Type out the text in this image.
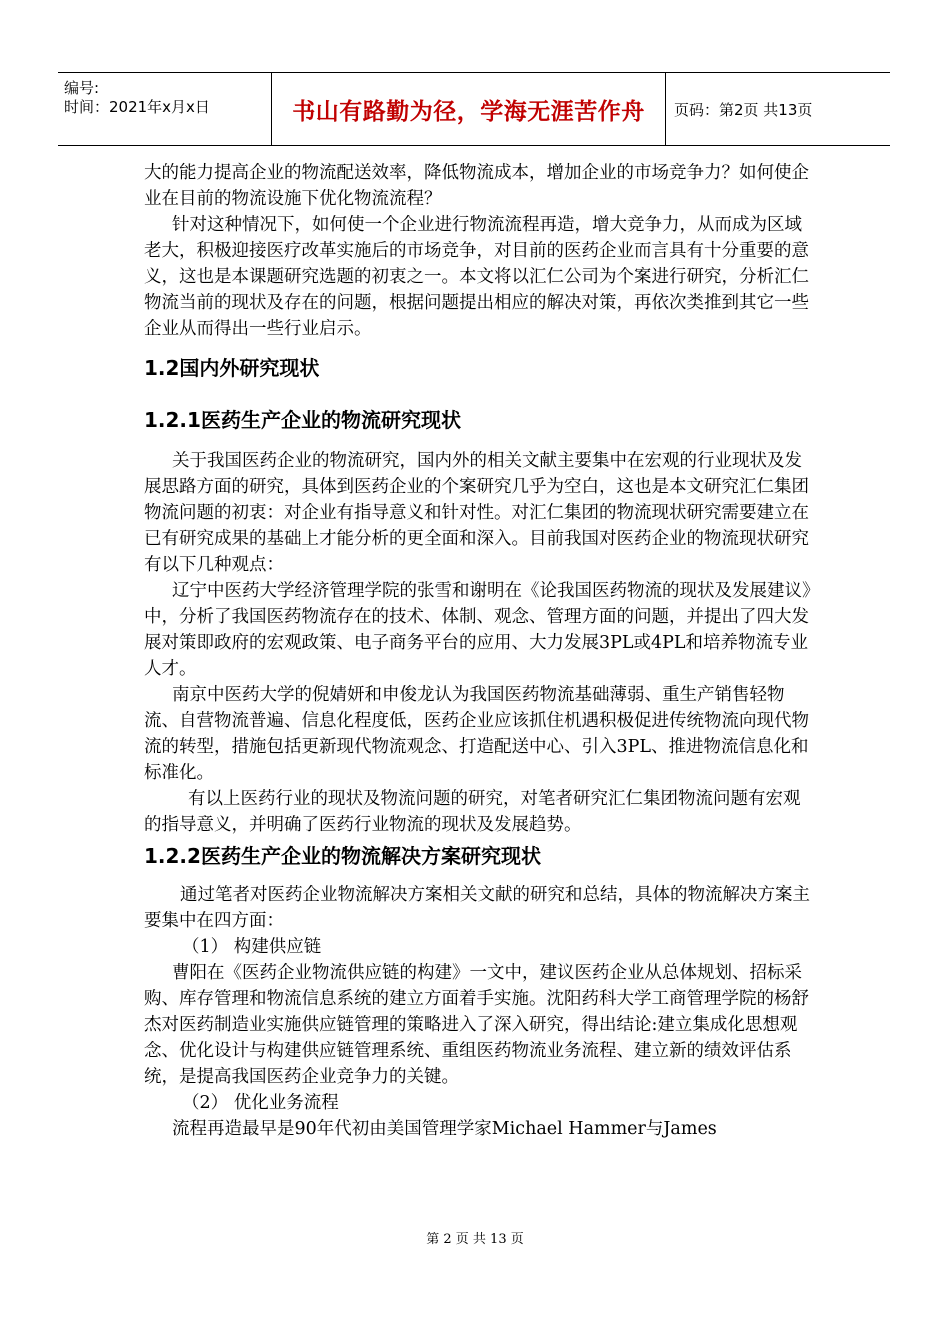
编号:
时间：2021年x月x日	书山有路勤为径，学海无涯苦作舟	页码：第2页 共13页

大的能力提高企业的物流配送效率，降低物流成本，增加企业的市场竞争力？如何使企业在目前的物流设施下优化物流流程？

针对这种情况下，如何使一个企业进行物流流程再造，增大竞争力，从而成为区域老大，积极迎接医疗改革实施后的市场竞争，对目前的医药企业而言具有十分重要的意义，这也是本课题研究选题的初衷之一。本文将以汇仁公司为个案进行研究，分析汇仁物流当前的现状及存在的问题，根据问题提出相应的解决对策，再依次类推到其它一些企业从而得出一些行业启示。

1.2国内外研究现状
1.2.1医药生产企业的物流研究现状

关于我国医药企业的物流研究，国内外的相关文献主要集中在宏观的行业现状及发展思路方面的研究，具体到医药企业的个案研究几乎为空白，这也是本文研究汇仁集团物流问题的初衷：对企业有指导意义和针对性。对汇仁集团的物流现状研究需要建立在已有研究成果的基础上才能分析的更全面和深入。目前我国对医药企业的物流现状研究有以下几种观点：

辽宁中医药大学经济管理学院的张雪和谢明在《论我国医药物流的现状及发展建议》中，分析了我国医药物流存在的技术、体制、观念、管理方面的问题，并提出了四大发展对策即政府的宏观政策、电子商务平台的应用、大力发展3PL或4PL和培养物流专业人才。

南京中医药大学的倪婧妍和申俊龙认为我国医药物流基础薄弱、重生产销售轻物流、自营物流普遍、信息化程度低，医药企业应该抓住机遇积极促进传统物流向现代物流的转型，措施包括更新现代物流观念、打造配送中心、引入3PL、推进物流信息化和标准化。

有以上医药行业的现状及物流问题的研究，对笔者研究汇仁集团物流问题有宏观的指导意义，并明确了医药行业物流的现状及发展趋势。

1.2.2医药生产企业的物流解决方案研究现状

通过笔者对医药企业物流解决方案相关文献的研究和总结，具体的物流解决方案主要集中在四方面：

（1） 构建供应链

曹阳在《医药企业物流供应链的构建》一文中，建议医药企业从总体规划、招标采购、库存管理和物流信息系统的建立方面着手实施。沈阳药科大学工商管理学院的杨舒杰对医药制造业实施供应链管理的策略进入了深入研究，得出结论:建立集成化思想观念、优化设计与构建供应链管理系统、重组医药物流业务流程、建立新的绩效评估系统，是提高我国医药企业竞争力的关键。

（2） 优化业务流程

流程再造最早是90年代初由美国管理学家Michael Hammer与James

第 2 页 共 13 页
